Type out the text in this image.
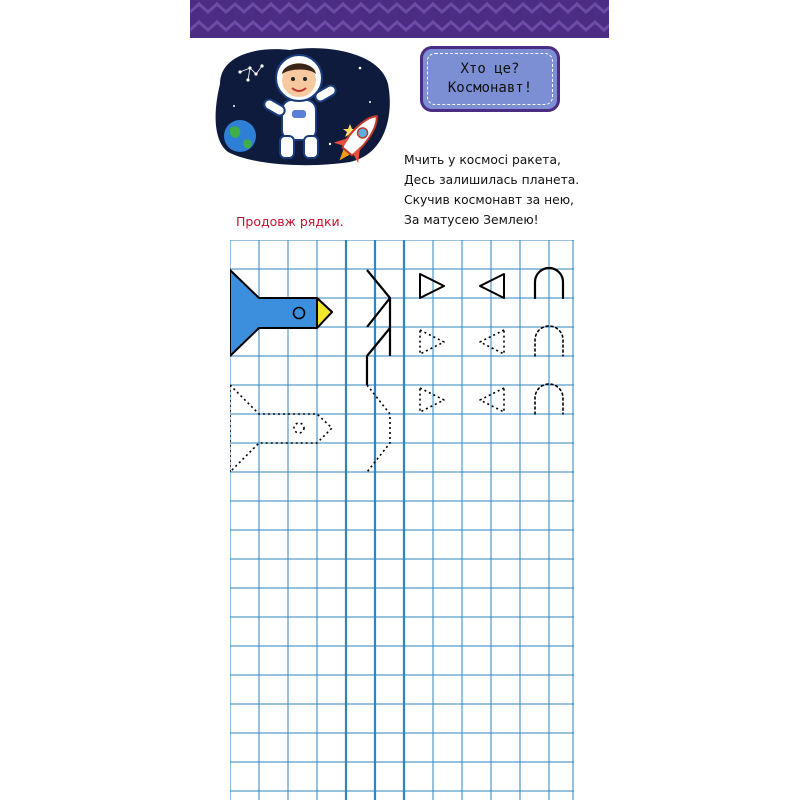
Хто це?
Космонавт!
Мчить у космосі ракета,
Десь залишилась планета.
Скучив космонавт за нею,
За матусею Землею!
Продовж рядки.
